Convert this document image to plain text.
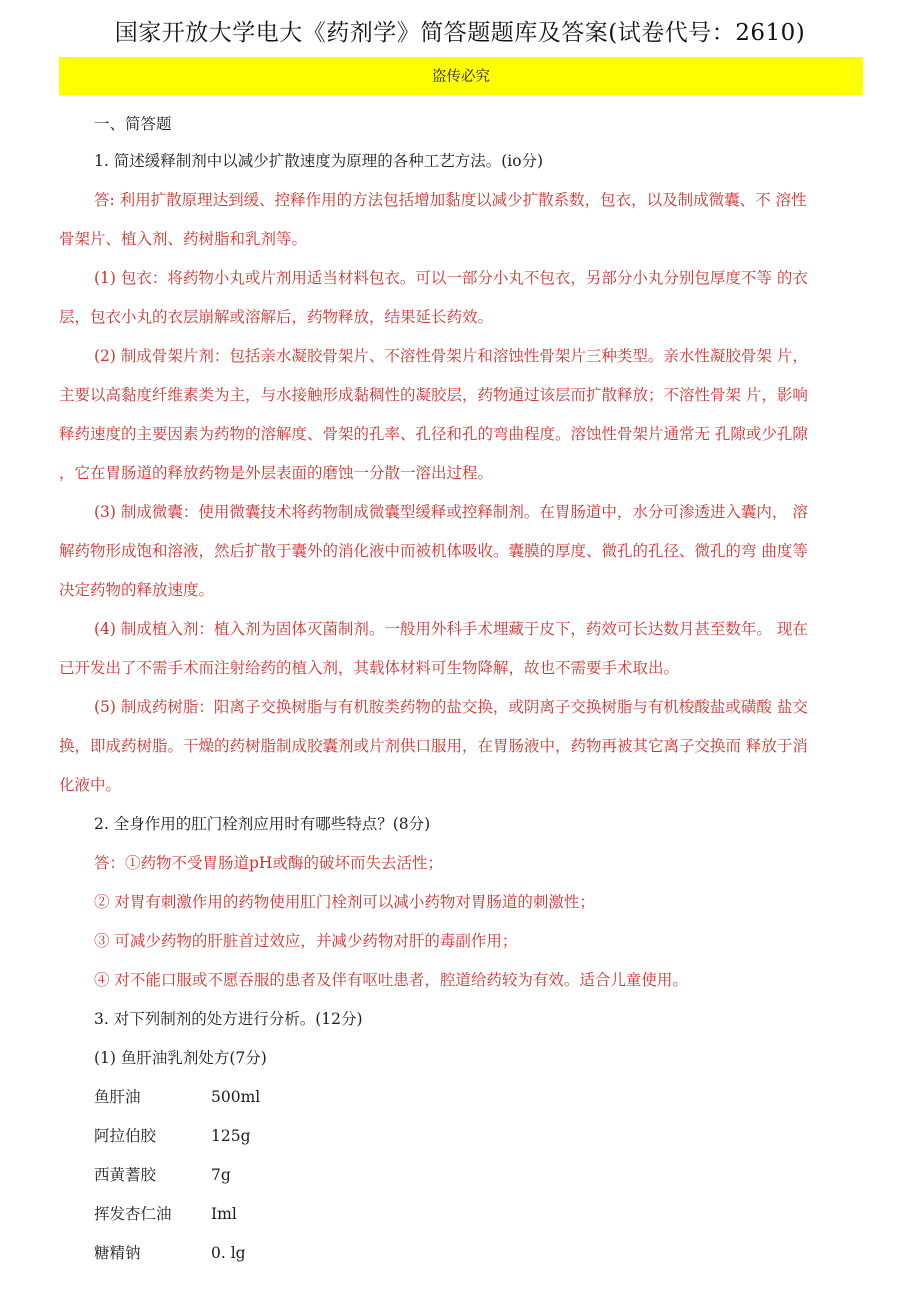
国家开放大学电大《药剂学》简答题题库及答案(试卷代号：2610)
盗传必究
一、简答题
1. 简述缓释制剂中以减少扩散速度为原理的各种工艺方法。(io分)
答: 利用扩散原理达到缓、控释作用的方法包括增加黏度以减少扩散系数，包衣，以及制成微囊、不 溶性
骨架片、植入剂、药树脂和乳剂等。
(1) 包衣：将药物小丸或片剂用适当材料包衣。可以一部分小丸不包衣，另部分小丸分别包厚度不等 的衣
层，包衣小丸的衣层崩解或溶解后，药物释放，结果延长药效。
(2) 制成骨架片剂：包括亲水凝胶骨架片、不溶性骨架片和溶蚀性骨架片三种类型。亲水性凝胶骨架 片，
主要以高黏度纤维素类为主，与水接触形成黏稠性的凝胶层，药物通过该层而扩散释放；不溶性骨架 片，影响
释药速度的主要因素为药物的溶解度、骨架的孔率、孔径和孔的弯曲程度。溶蚀性骨架片通常无 孔隙或少孔隙
，它在胃肠道的释放药物是外层表面的磨蚀一分散一溶出过程。
(3) 制成微囊：使用微囊技术将药物制成微囊型缓释或控释制剂。在胃肠道中，水分可渗透进入囊内， 溶
解药物形成饱和溶液，然后扩散于囊外的消化液中而被机体吸收。囊膜的厚度、微孔的孔径、微孔的弯 曲度等
决定药物的释放速度。
(4) 制成植入剂：植入剂为固体灭菌制剂。一般用外科手术埋藏于皮下，药效可长达数月甚至数年。 现在
已开发出了不需手术而注射给药的植入剂，其载体材料可生物降解，故也不需要手术取出。
(5) 制成药树脂：阳离子交换树脂与有机胺类药物的盐交换，或阴离子交换树脂与有机梭酸盐或磺酸 盐交
换，即成药树脂。干燥的药树脂制成胶囊剂或片剂供口服用，在胃肠液中，药物再被其它离子交换而 释放于消
化液中。
2. 全身作用的肛门栓剂应用时有哪些特点？(8分)
答：①药物不受胃肠道pH或酶的破坏而失去活性；
② 对胃有刺激作用的药物使用肛门栓剂可以减小药物对胃肠道的刺激性；
③ 可减少药物的肝脏首过效应，并减少药物对肝的毒副作用；
④ 对不能口服或不愿吞服的患者及伴有呕吐患者，腔道给药较为有效。适合儿童使用。
3. 对下列制剂的处方进行分析。(12分)
(1) 鱼肝油乳剂处方(7分)
鱼肝油	500ml
阿拉伯胶	125g
西黄蓍胶	7g
挥发杏仁油	Iml
糖精钠	0. lg
